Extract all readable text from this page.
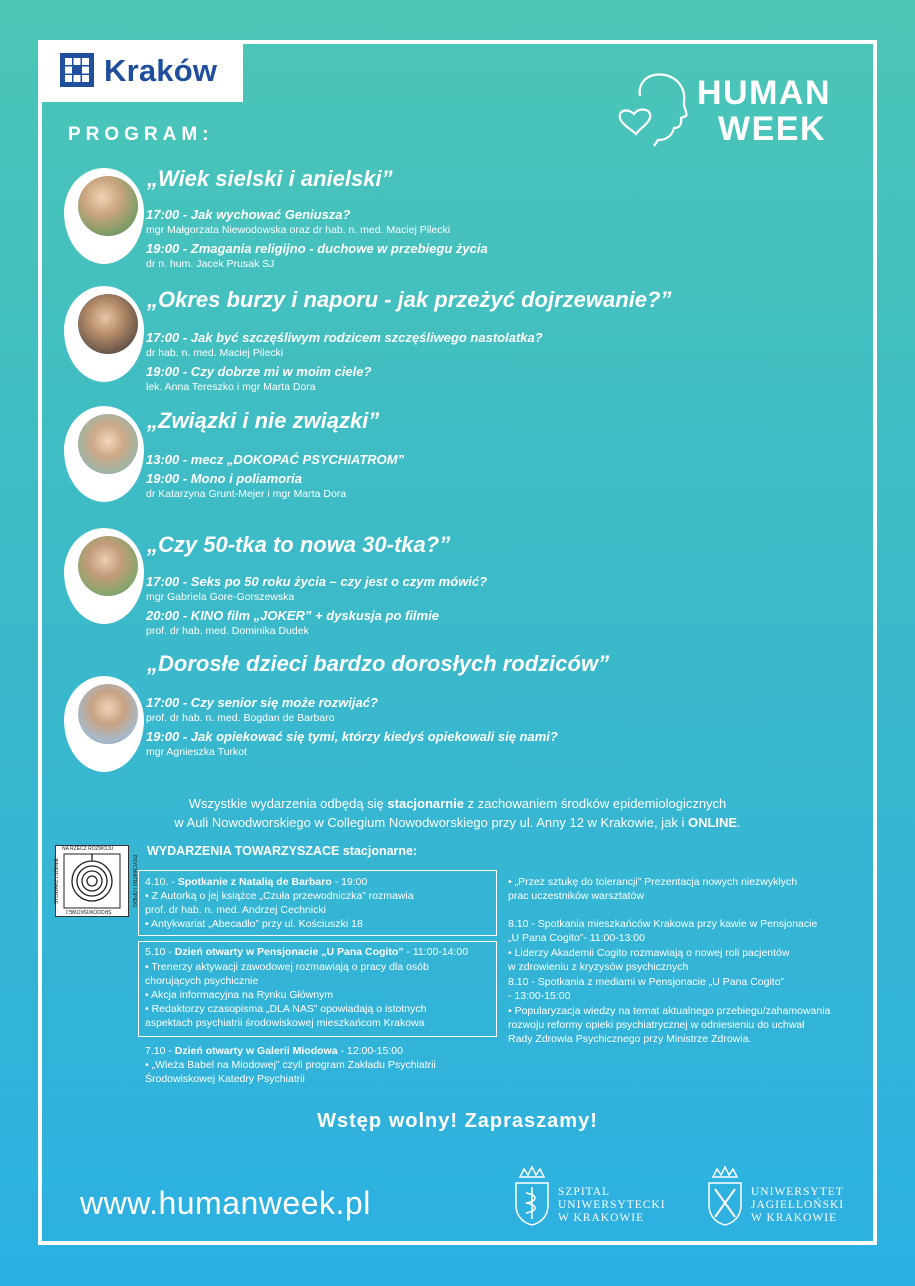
Kraków
PROGRAM:
HUMAN
WEEK
„Wiek sielski i anielski”
17:00 - Jak wychować Geniusza?
mgr Małgorzata Niewodowska oraz dr hab. n. med. Maciej Pilecki
19:00 - Zmagania religijno - duchowe w przebiegu życia
dr n. hum. Jacek Prusak SJ
„Okres burzy i naporu - jak przeżyć dojrzewanie?”
17:00 - Jak być szczęśliwym rodzicem szczęśliwego nastolatka?
dr hab. n. med. Maciej Pilecki
19:00 - Czy dobrze mi w moim ciele?
lek. Anna Tereszko i mgr Marta Dora
„Związki i nie związki”
13:00 - mecz „DOKOPAĆ PSYCHIATROM”
19:00 - Mono i poliamoria
dr Katarzyna Grunt-Mejer i mgr Marta Dora
„Czy 50-tka to nowa 30-tka?”
17:00 - Seks po 50 roku życia – czy jest o czym mówić?
mgr Gabriela Gore-Gorszewska
20:00 - KINO film „JOKER” + dyskusja po filmie
prof. dr hab. med. Dominika Dudek
„Dorosłe dzieci bardzo dorosłych rodziców”
17:00 - Czy senior się może rozwijać?
prof. dr hab. n. med. Bogdan de Barbaro
19:00 - Jak opiekować się tymi, którzy kiedyś opiekowali się nami?
mgr Agnieszka Turkot
Wszystkie wydarzenia odbędą się stacjonarnie z zachowaniem środków epidemiologicznych
w Auli Nowodworskiego w Collegium Nowodworskiego przy ul. Anny 12 w Krakowie, jak i ONLINE.
NA RZECZ ROZWOJU
PSYCHIATRII I OPIEKI
ŚRODOWISKOWEJ
STOWARZYSZENIE
WYDARZENIA TOWARZYSZACE stacjonarne:
4.10. - Spotkanie z Natalią de Barbaro - 19:00
• Z Autorką o jej książce „Czuła przewodniczka” rozmawia
prof. dr hab. n. med. Andrzej Cechnicki
• Antykwariat „Abecadło” przy ul. Kościuszki 18
5.10 - Dzień otwarty w Pensjonacie „U Pana Cogito” - 11:00-14:00
• Trenerzy aktywacji zawodowej rozmawiają o pracy dla osób
chorujących psychicznie
• Akcja informacyjna na Rynku Głównym
• Redaktorzy czasopisma „DLA NAS” opowiadają o istotnych
aspektach psychiatrii środowiskowej mieszkańcom Krakowa
7.10 - Dzień otwarty w Galerii Miodowa - 12:00-15:00
• „Wieża Babel na Miodowej” czyli program Zakładu Psychiatrii
Środowiskowej Katedry Psychiatrii
• „Przez sztukę do tolerancji” Prezentacja nowych niezwykłych
prac uczestników warsztatów
8.10 - Spotkania mieszkańców Krakowa przy kawie w Pensjonacie
„U Pana Cogito”- 11:00-13:00
• Liderzy Akademii Cogito rozmawiają o nowej roli pacjentów
w zdrowieniu z kryzysów psychicznych
8.10 - Spotkania z mediami w Pensjonacie „U Pana Cogito”
- 13:00-15:00
• Popularyzacja wiedzy na temat aktualnego przebiegu/zahamowania
rozwoju reformy opieki psychiatrycznej w odniesieniu do uchwał
Rady Zdrowia Psychicznego przy Ministrze Zdrowia.
Wstęp wolny! Zapraszamy!
www.humanweek.pl	SZPITAL
UNIWERSYTECKI
W KRAKOWIE
UNIWERSYTET
JAGIELLOŃSKI
W KRAKOWIE
